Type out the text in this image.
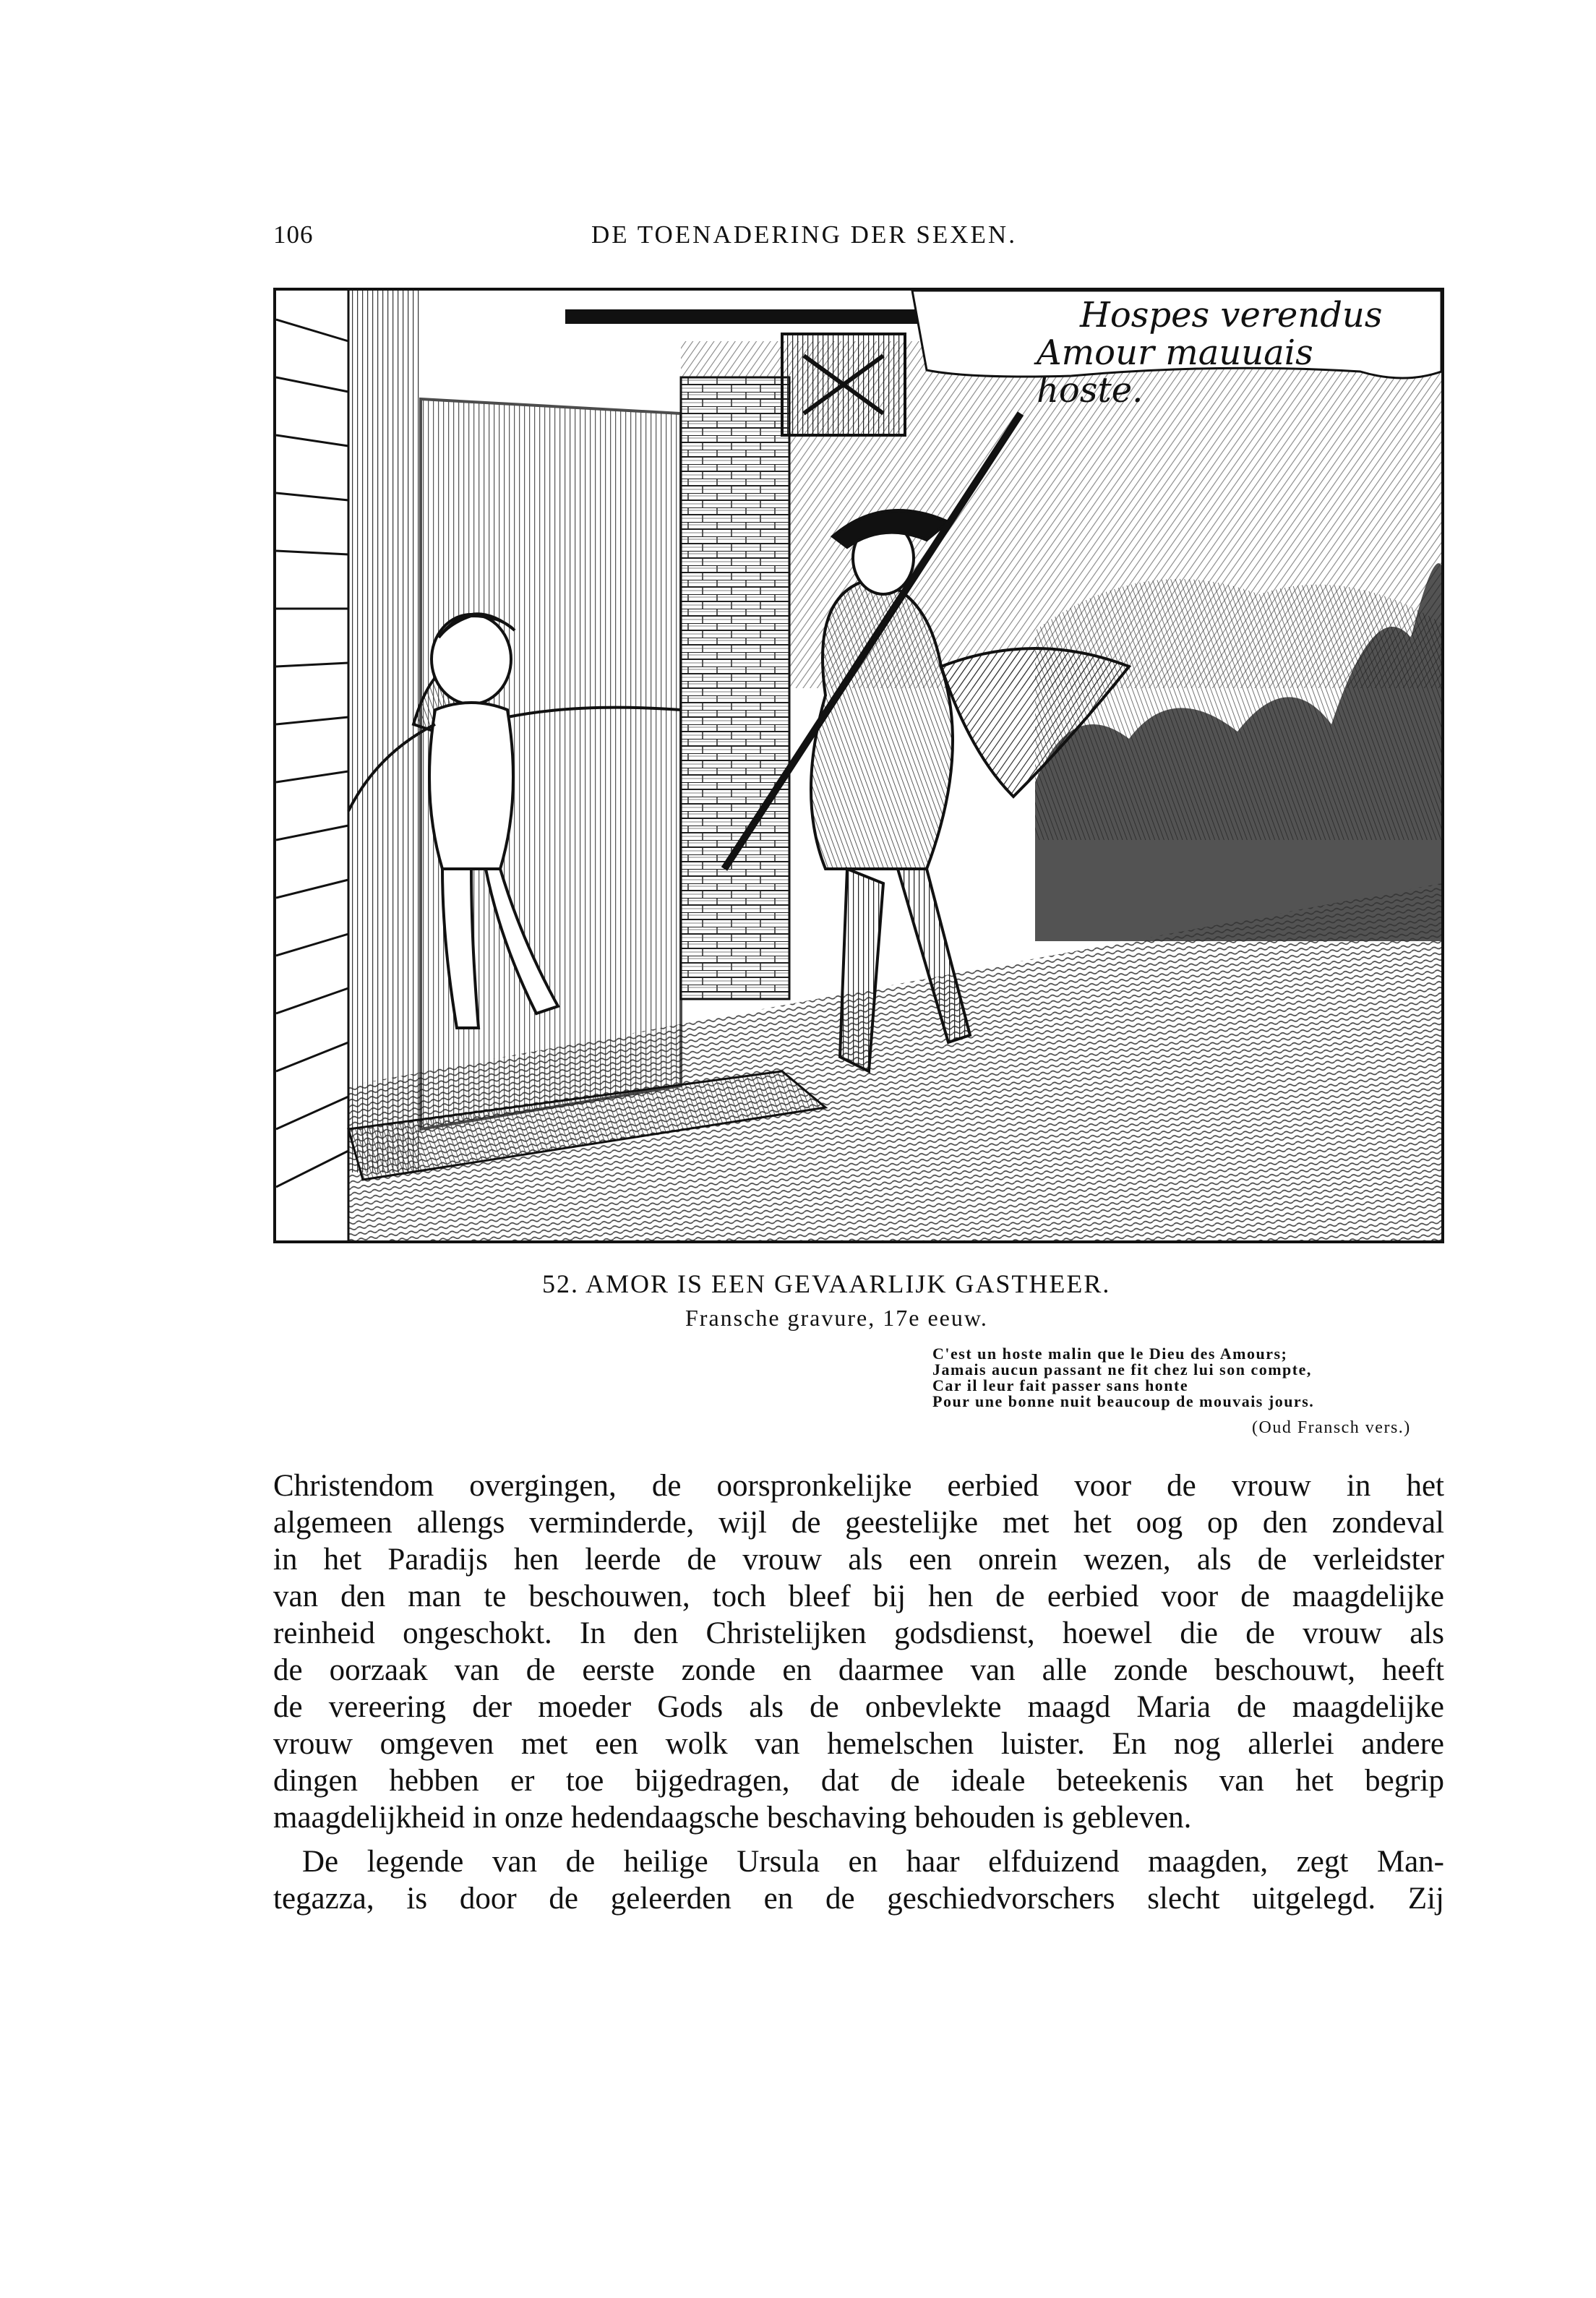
106	DE TOENADERING DER SEXEN.
Hospes verendus
Amour mauuais hoste.
52. AMOR IS EEN GEVAARLIJK GASTHEER.
Fransche gravure, 17e eeuw.
C'est un hoste malin que le Dieu des Amours;
Jamais aucun passant ne fit chez lui son compte,
Car il leur fait passer sans honte
Pour une bonne nuit beaucoup de mouvais jours.
(Oud Fransch vers.)
Christendom overgingen, de oorspronkelijke eerbied voor de vrouw in het
algemeen allengs verminderde, wijl de geestelijke met het oog op den zondeval
in het Paradijs hen leerde de vrouw als een onrein wezen, als de verleidster
van den man te beschouwen, toch bleef bij hen de eerbied voor de maagdelijke
reinheid ongeschokt. In den Christelijken godsdienst, hoewel die de vrouw als
de oorzaak van de eerste zonde en daarmee van alle zonde beschouwt, heeft
de vereering der moeder Gods als de onbevlekte maagd Maria de maagdelijke
vrouw omgeven met een wolk van hemelschen luister. En nog allerlei andere
dingen hebben er toe bijgedragen, dat de ideale beteekenis van het begrip
maagdelijkheid in onze hedendaagsche beschaving behouden is gebleven.
De legende van de heilige Ursula en haar elfduizend maagden, zegt Man-
tegazza, is door de geleerden en de geschiedvorschers slecht uitgelegd. Zij
